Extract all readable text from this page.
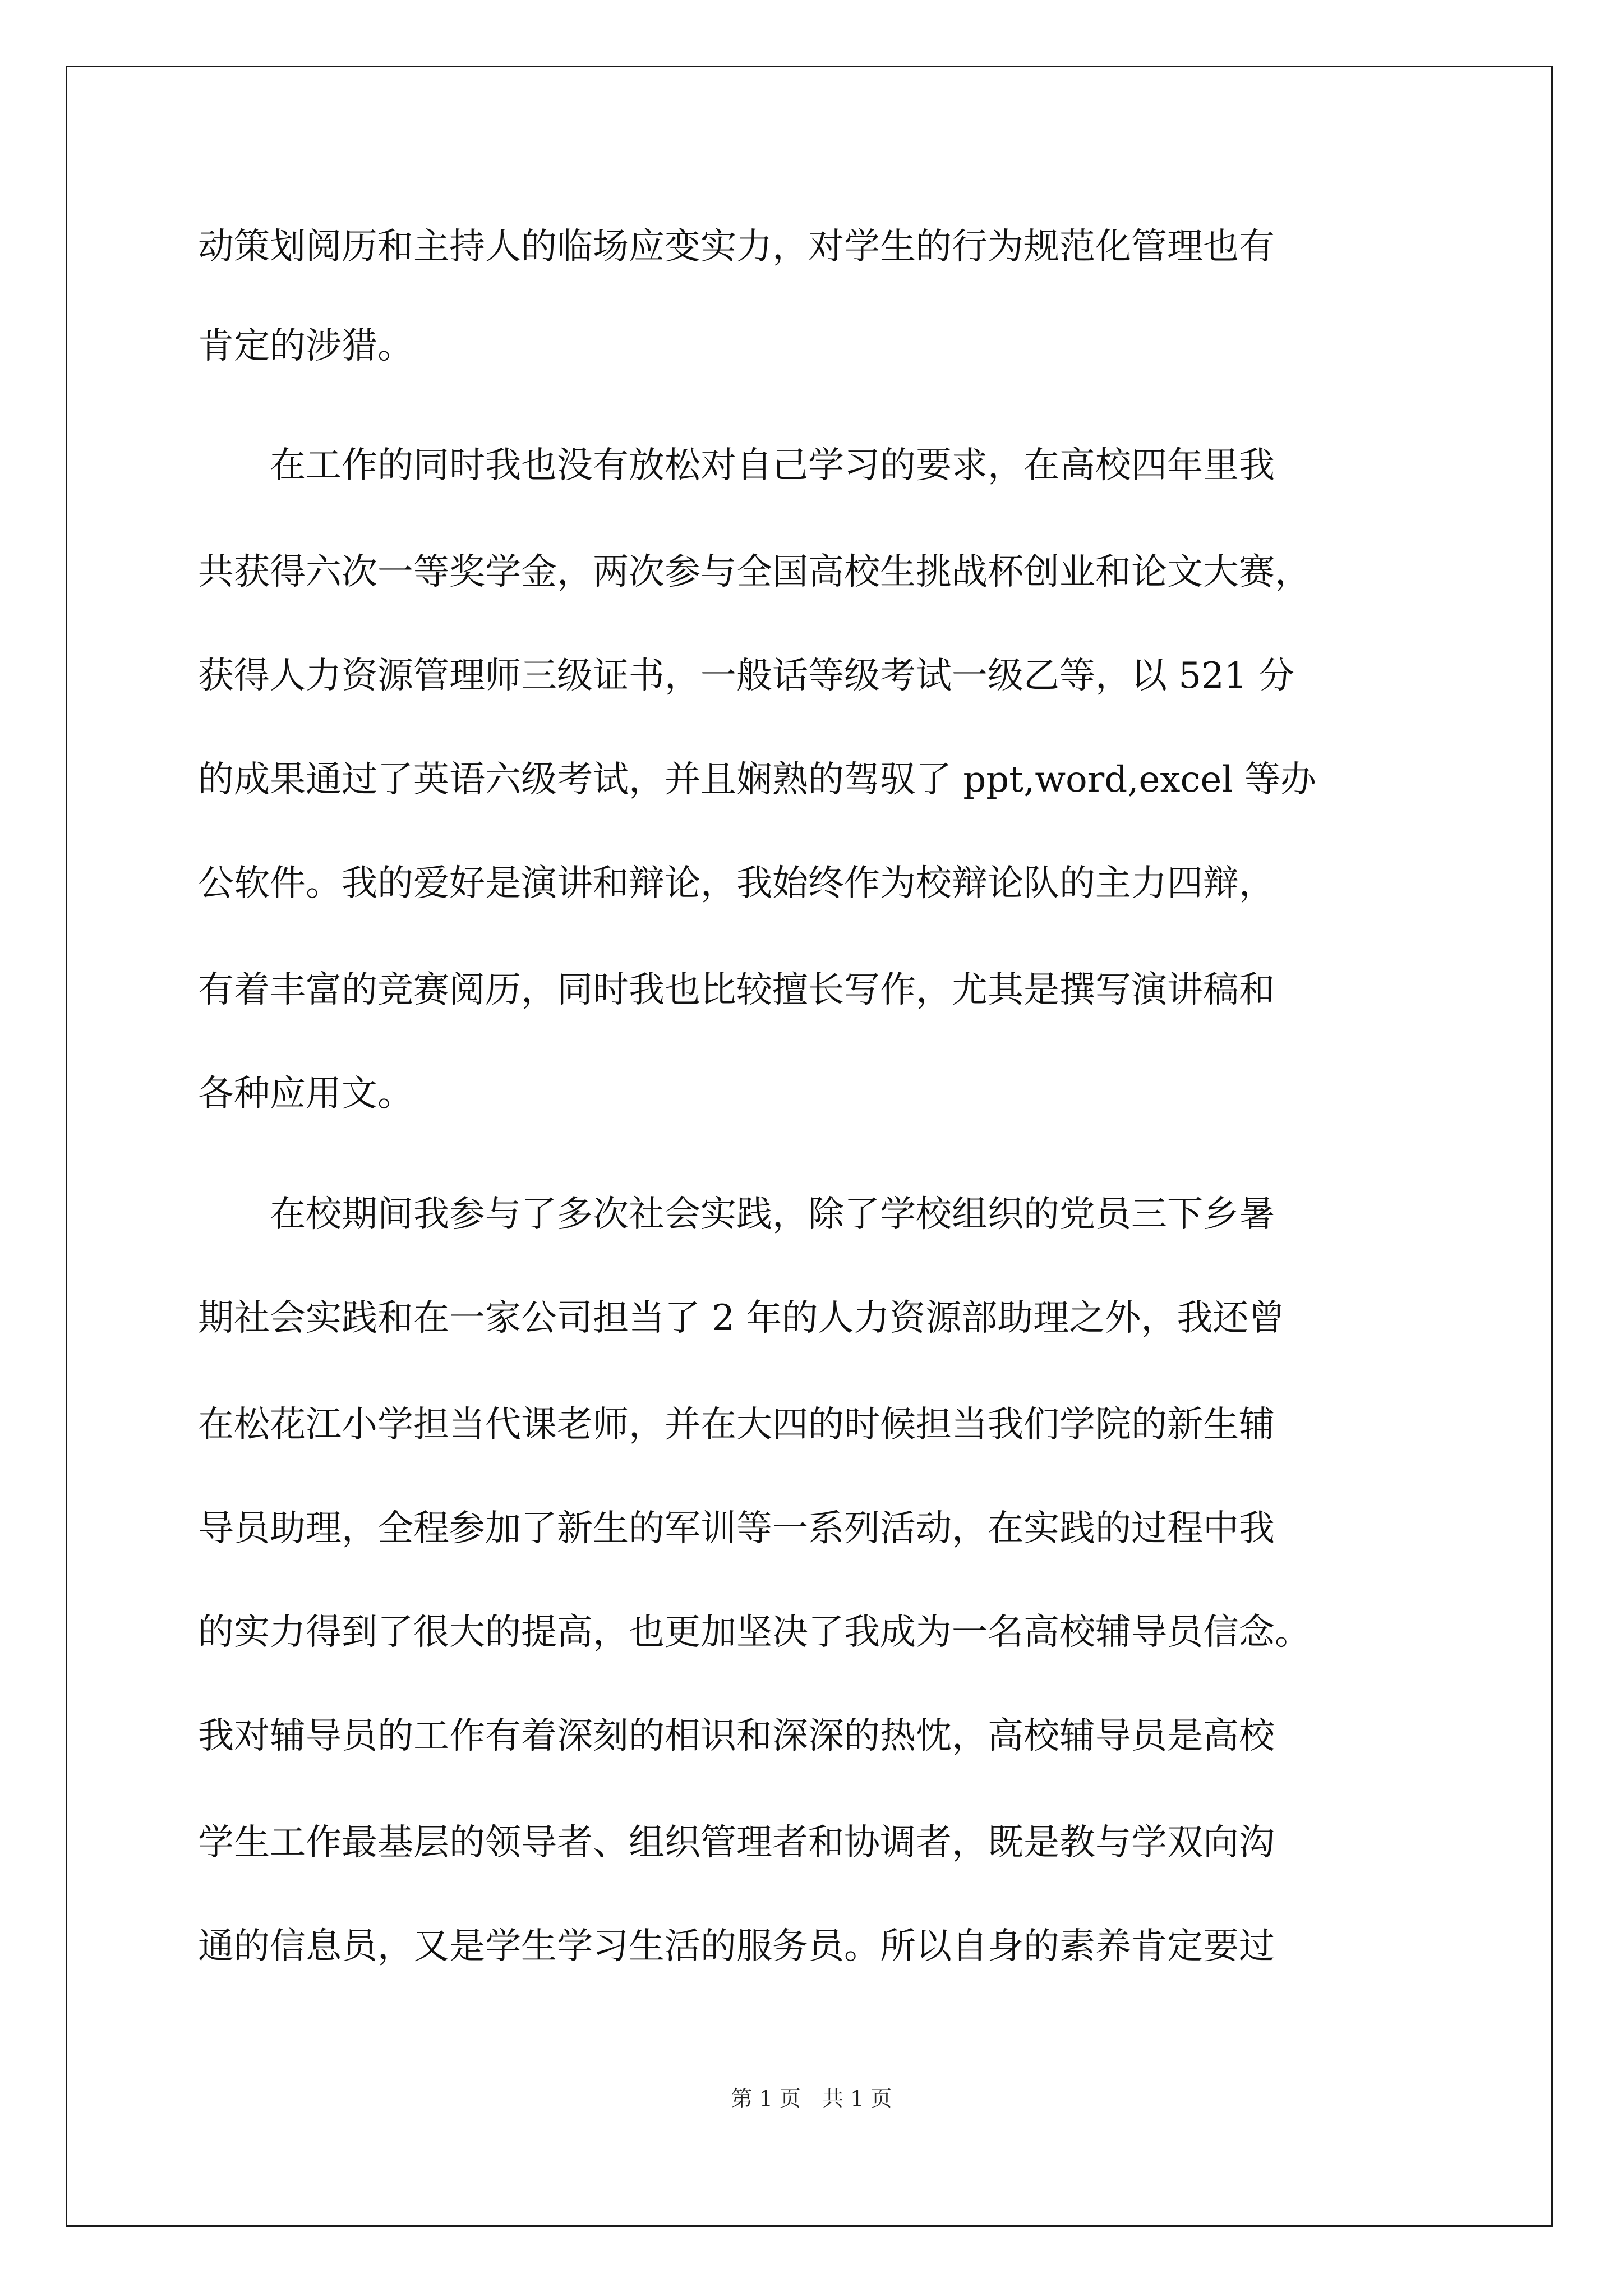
动策划阅历和主持人的临场应变实力，对学生的行为规范化管理也有
肯定的涉猎。
　　在工作的同时我也没有放松对自己学习的要求，在高校四年里我
共获得六次一等奖学金，两次参与全国高校生挑战杯创业和论文大赛，
获得人力资源管理师三级证书，一般话等级考试一级乙等，以 521 分
的成果通过了英语六级考试，并且娴熟的驾驭了 ppt,word,excel 等办
公软件。我的爱好是演讲和辩论，我始终作为校辩论队的主力四辩，
有着丰富的竞赛阅历，同时我也比较擅长写作，尤其是撰写演讲稿和
各种应用文。
　　在校期间我参与了多次社会实践，除了学校组织的党员三下乡暑
期社会实践和在一家公司担当了 2 年的人力资源部助理之外，我还曾
在松花江小学担当代课老师，并在大四的时候担当我们学院的新生辅
导员助理，全程参加了新生的军训等一系列活动，在实践的过程中我
的实力得到了很大的提高，也更加坚决了我成为一名高校辅导员信念。
我对辅导员的工作有着深刻的相识和深深的热忱，高校辅导员是高校
学生工作最基层的领导者、组织管理者和协调者，既是教与学双向沟
通的信息员，又是学生学习生活的服务员。所以自身的素养肯定要过
第 1 页　共 1 页
